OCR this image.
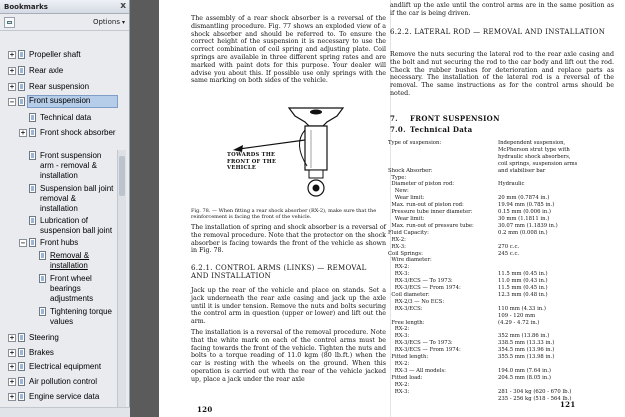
Bookmarks	x
Options ▾
+ Propeller shaft
+ Rear axle
+ Rear suspension
− Front suspension
Technical data
+ Front shock absorber
Front suspension arm - removal & installation
Suspension ball joint removal & installation
Lubrication of suspension ball joint
− Front hubs
Removal & installation
Front wheel bearings adjustments
Tightening torque values
+ Steering
+ Brakes
+ Electrical equipment
+ Air pollution control
+ Engine service data
The assembly of a rear shock absorber is a reversal of the dismantling procedure. Fig. 77 shows an exploded view of a shock absorber and should be referred to. To ensure the correct height of the suspension it is necessary to use the correct combination of coil spring and adjusting plate. Coil springs are available in three different spring rates and are marked with paint dots for this purpose. Your dealer will advise you about this. If possible use only springs with the same marking on both sides of the vehicle.
TOWARDS THE FRONT OF THE VEHICLE
Fig. 78. — When fitting a rear shock absorber (RX-2), make sure that the reinforcement is facing the front of the vehicle.
The installation of spring and shock absorber is a reversal of the removal procedure. Note that the protector on the shock absorber is facing towards the front of the vehicle as shown in Fig. 78.
6.2.1. CONTROL ARMS (LINKS) — REMOVAL AND INSTALLATION
Jack up the rear of the vehicle and place on stands. Set a jack underneath the rear axle casing and jack up the axle until it is under tension. Remove the nuts and bolts securing the control arm in question (upper or lower) and lift out the arm.
The installation is a reversal of the removal procedure. Note that the white mark on each of the control arms must be facing towards the front of the vehicle. Tighten the nuts and bolts to a torque reading of 11.0 kgm (80 lb.ft.) when the car is resting with the wheels on the ground. When this operation is carried out with the rear of the vehicle jacked up, place a jack under the rear axle
120
andlift up the axle until the control arms are in the same position as if the car is being driven.
6.2.2. LATERAL ROD — REMOVAL AND INSTALLATION
Remove the nuts securing the lateral rod to the rear axle casing and the bolt and nut securing the rod to the car body and lift out the rod. Check the rubber bushes for deterioration and replace parts as necessary. The installation of the lateral rod is a reversal of the removal. The same instructions as for the control arms should be noted.
7. FRONT SUSPENSION
7.0. Technical Data
Type of suspension:

Shock Absorber:
Type:
Diameter of piston rod:
New:
Wear limit:
Max. run-out of piston rod:
Pressure tube inner diameter:
Wear limit:
Max. run-out of pressure tube:
Fluid Capacity:
RX-2:
RX-3:
Coil Springs:
Wire diameter:
RX-2:
RX-3:
RX-3/ECS — To 1973:
RX-3/ECS — From 1974:
Coil diameter:
RX-2/3 — No ECS:
RX-3/ECS:

Free length:
RX-2:
RX-3:
RX-3/ECS — To 1973:
RX-3/ECS — From 1974:
Fitted length:
RX-2:
RX-3 — All models:
Fitted load:
RX-2:
RX-3:
Independent suspension,
McPherson strut type with
hydraulic shock absorbers,
coil springs, suspension arms
and stabiliser bar

Hydraulic

20 mm (0.7874 in.)
19.94 mm (0.785 in.)
0.15 mm (0.006 in.)
30 mm (1.1811 in.)
30.07 mm (1.1839 in.)
0.2 mm (0.008 in.)

270 c.c.
245 c.c.

11.5 mm (0.45 in.)
11.0 mm (0.43 in.)
11.5 mm (0.45 in.)
12.3 mm (0.48 in.)

110 mm (4.33 in.)
109 - 120 mm
(4.29 - 4.72 in.)

352 mm (13.86 in.)
338.5 mm (13.33 in.)
354.5 mm (13.96 in.)
355.5 mm (13.98 in.)

194.0 mm (7.64 in.)
204.5 mm (8.05 in.)

281 - 304 kg (620 - 670 lb.)
235 - 256 kg (518 - 564 lb.)
121
